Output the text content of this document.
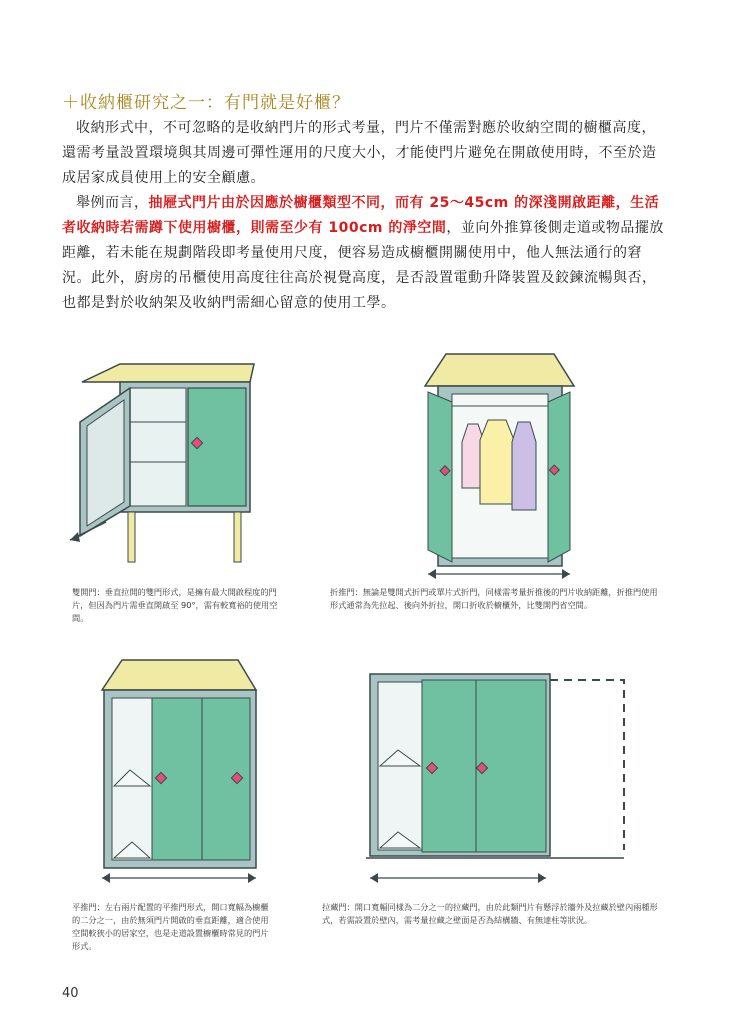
＋收納櫃研究之一：有門就是好櫃？

收納形式中，不可忽略的是收納門片的形式考量，門片不僅需對應於收納空間的櫥櫃高度，還需考量設置環境與其周邊可彈性運用的尺度大小，才能使門片避免在開啟使用時，不至於造成居家成員使用上的安全顧慮。

舉例而言，抽屜式門片由於因應於櫥櫃類型不同，而有 25～45cm 的深淺開啟距離，生活者收納時若需蹲下使用櫥櫃，則需至少有 100cm 的淨空間，並向外推算後側走道或物品擺放距離，若未能在規劃階段即考量使用尺度，便容易造成櫥櫃開關使用中，他人無法通行的窘況。此外，廚房的吊櫃使用高度往往高於視覺高度，是否設置電動升降裝置及鉸鍊流暢與否，也都是對於收納架及收納門需細心留意的使用工學。

雙開門：垂直拉開的雙門形式，是擁有最大開啟程度的門片，但因為門片需垂直開啟至 90°，需有較寬裕的使用空間。
折推門：無論是雙開式折門或單片式折門，同樣需考量折推後的門片收納距離，折推門使用形式通常為先拉起、後向外折拉，開口折收於櫥櫃外，比雙開門省空間。
平推門：左右兩片配置的平推門形式，開口寬幅為櫥櫃的二分之一，由於無須門片開啟的垂直距離，適合使用空間較狹小的居家空，也是走道設置櫥櫃時常見的門片形式。
拉藏門：開口寬幅同樣為二分之一的拉藏門，由於此類門片有懸浮於牆外及拉藏於壁內兩種形式，若需設置於壁內，需考量拉藏之壁面是否為結構牆、有無達柱等狀況。
40
